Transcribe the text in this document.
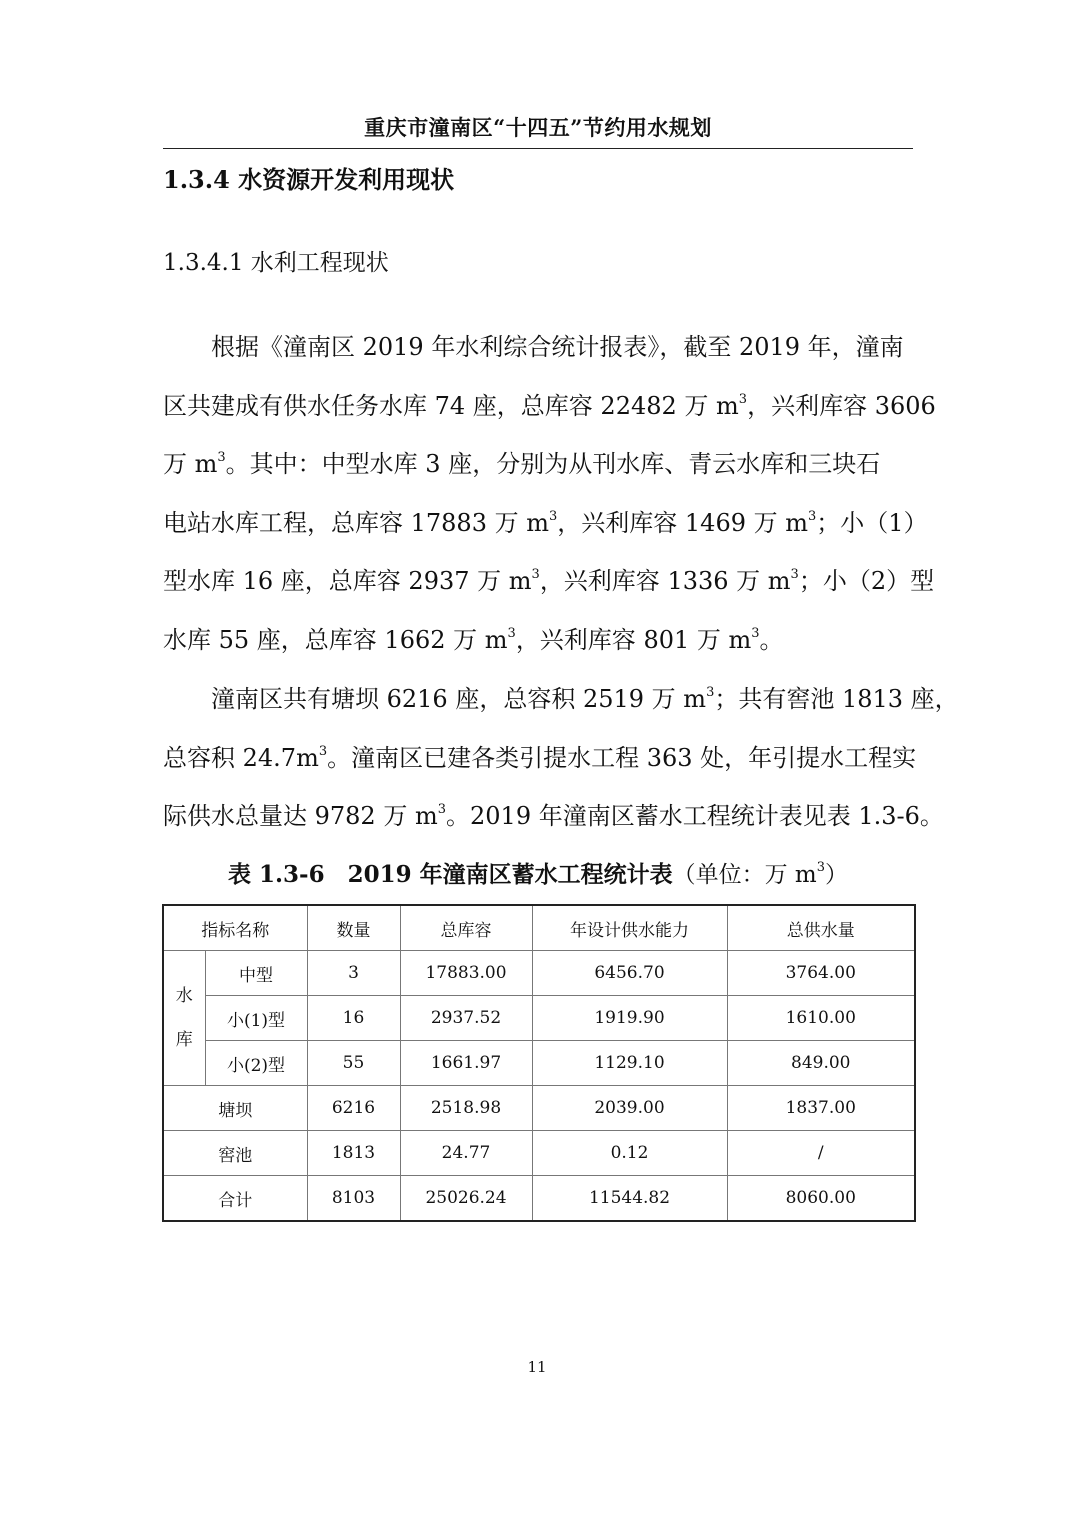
重庆市潼南区“十四五”节约用水规划
1.3.4 水资源开发利用现状
1.3.4.1 水利工程现状
根据《潼南区 2019 年水利综合统计报表》，截至 2019 年，潼南
区共建成有供水任务水库 74 座，总库容 22482 万 $m^3$，兴利库容 3606
万 $m^3$。其中：中型水库 3 座，分别为从刊水库、青云水库和三块石
电站水库工程，总库容 17883 万 $m^3$，兴利库容 1469 万 $m^3$；小（1）
型水库 16 座，总库容 2937 万 $m^3$，兴利库容 1336 万 $m^3$；小（2）型
水库 55 座，总库容 1662 万 $m^3$，兴利库容 801 万 $m^3$。
潼南区共有塘坝 6216 座，总容积 2519 万 $m^3$；共有窖池 1813 座，
总容积 $24.7m^3$。潼南区已建各类引提水工程 363 处，年引提水工程实
际供水总量达 9782 万 $m^3$。2019 年潼南区蓄水工程统计表见表 1.3-6。
表 1.3-6　2019 年潼南区蓄水工程统计表（单位：万 $m^3$）
指标名称		数量	总库容	年设计供水能力	总供水量
水
库	中型	3	17883.00	6456.70	3764.00
	小(1)型	16	2937.52	1919.90	1610.00
	小(2)型	55	1661.97	1129.10	849.00
塘坝		6216	2518.98	2039.00	1837.00
窖池		1813	24.77	0.12	/
合计		8103	25026.24	11544.82	8060.00
11
